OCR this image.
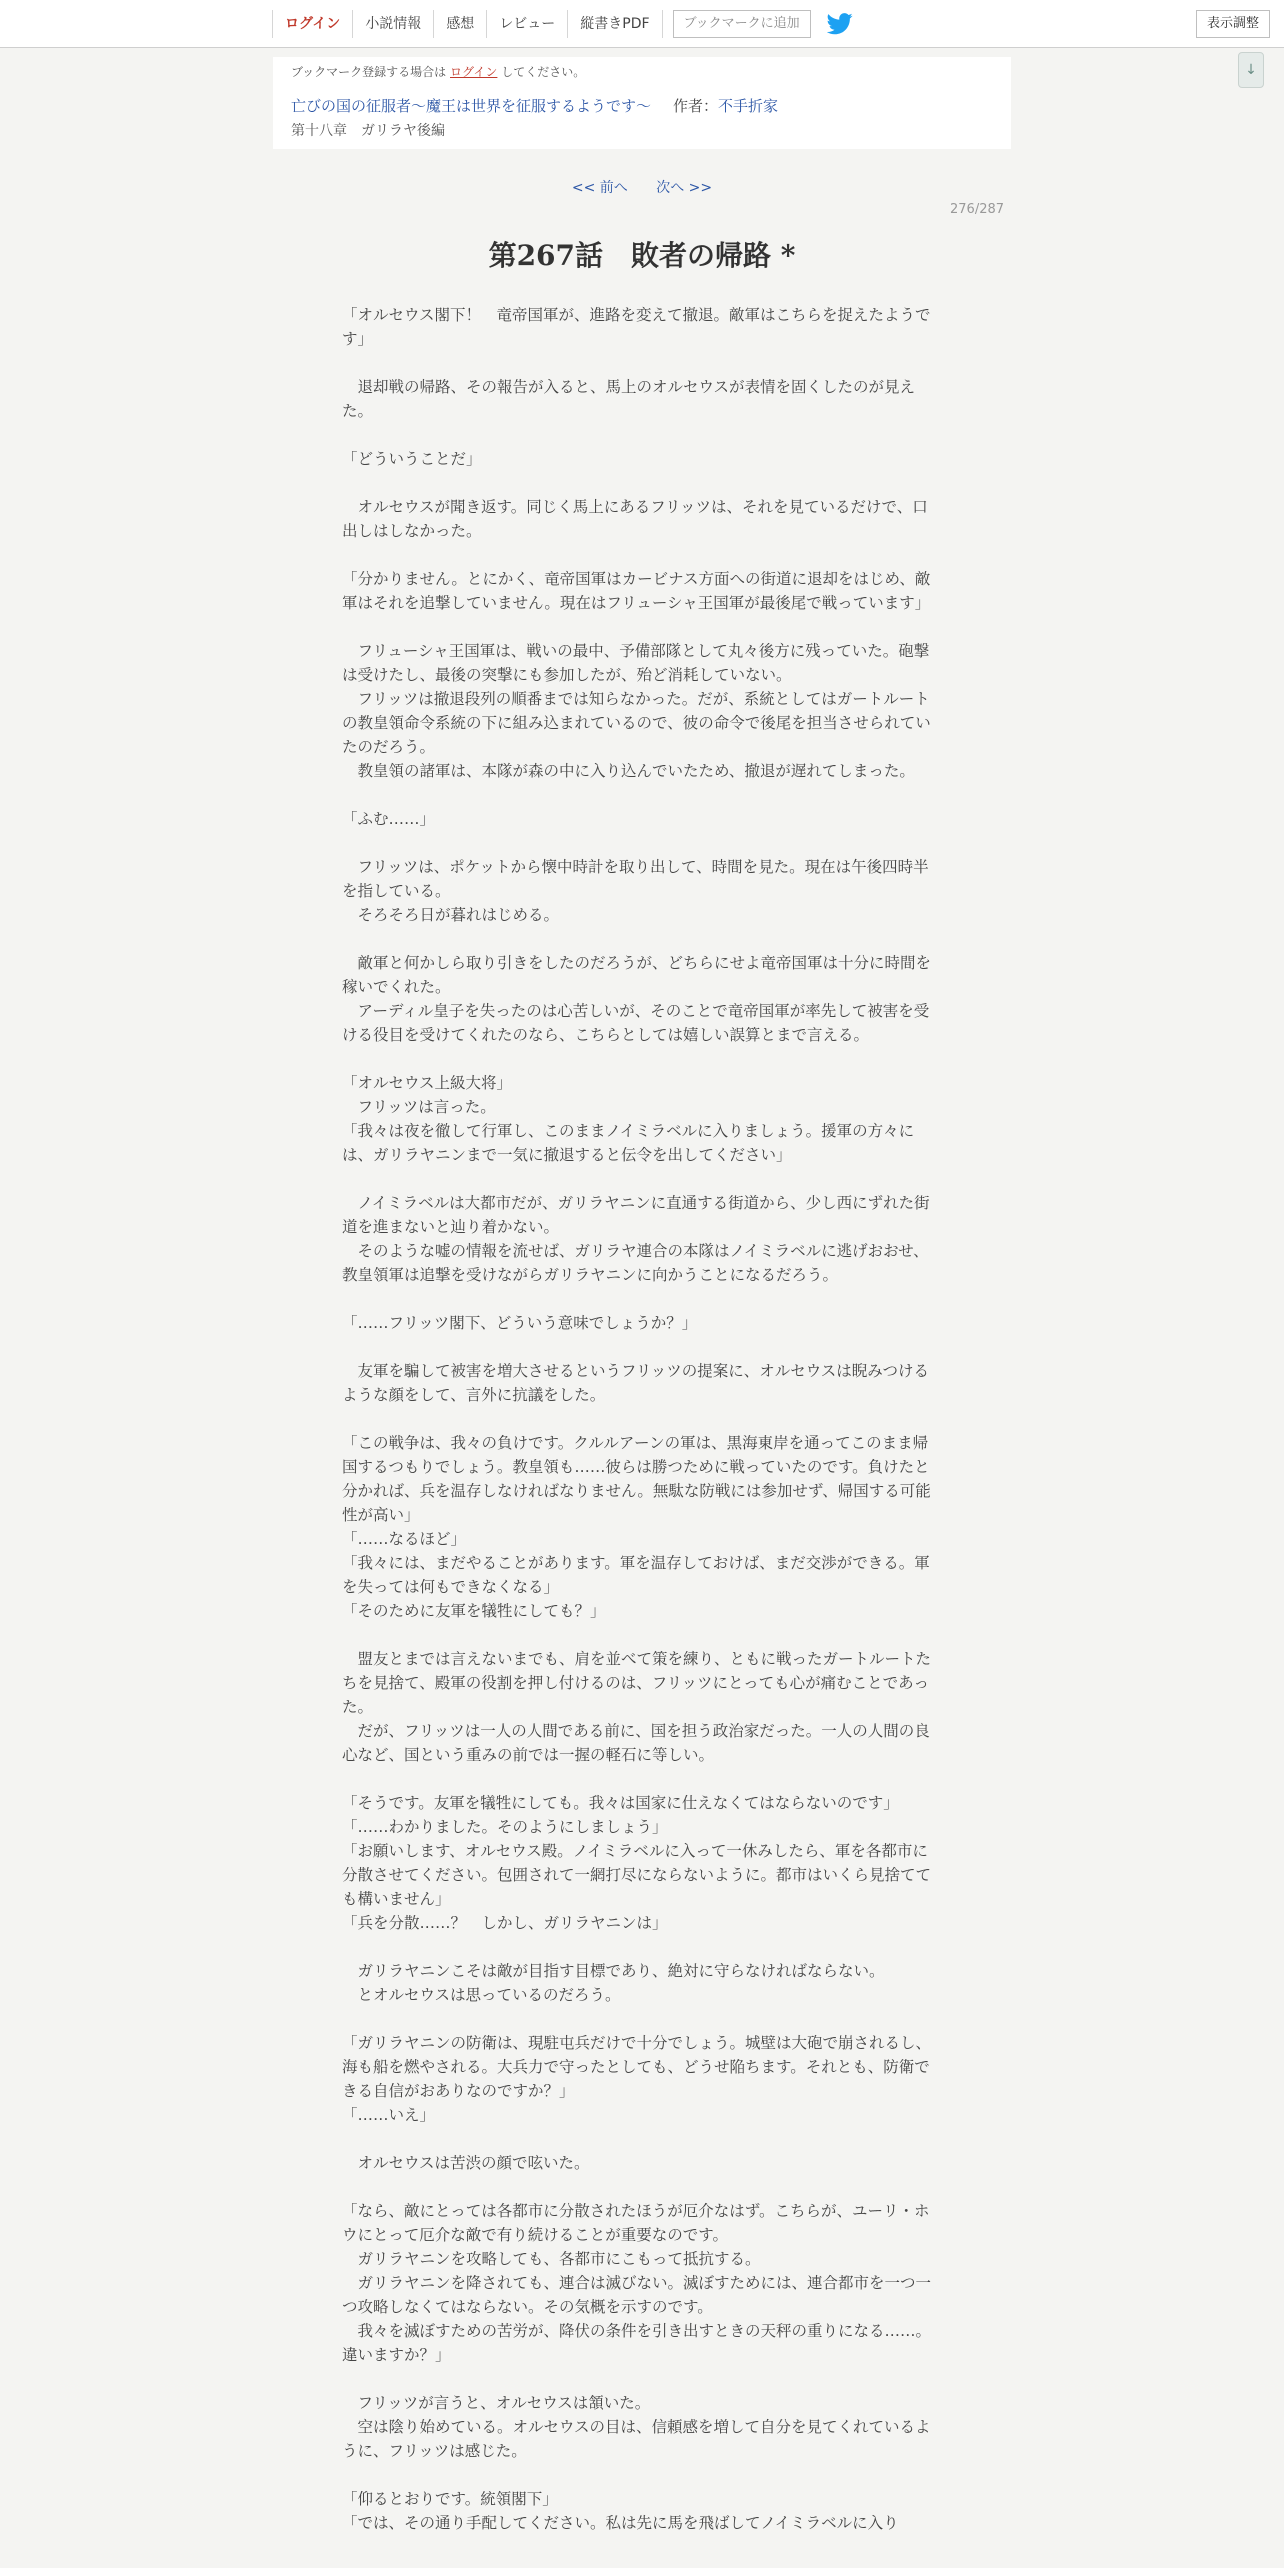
ログイン	小説情報	感想	レビュー	縦書きPDF	ブックマークに追加	表示調整
↓
ブックマーク登録する場合は ログイン してください。
亡びの国の征服者～魔王は世界を征服するようです～ 作者：不手折家
第十八章　ガリラヤ後編
<< 前へ 次へ >>
276/287
第267話　敗者の帰路 *

「オルセウス閣下！　竜帝国軍が、進路を変えて撤退。敵軍はこちらを捉えたようです」

　退却戦の帰路、その報告が入ると、馬上のオルセウスが表情を固くしたのが見えた。

「どういうことだ」

　オルセウスが聞き返す。同じく馬上にあるフリッツは、それを見ているだけで、口出しはしなかった。

「分かりません。とにかく、竜帝国軍はカービナス方面への街道に退却をはじめ、敵軍はそれを追撃していません。現在はフリューシャ王国軍が最後尾で戦っています」

　フリューシャ王国軍は、戦いの最中、予備部隊として丸々後方に残っていた。砲撃は受けたし、最後の突撃にも参加したが、殆ど消耗していない。

　フリッツは撤退段列の順番までは知らなかった。だが、系統としてはガートルートの教皇領命令系統の下に組み込まれているので、彼の命令で後尾を担当させられていたのだろう。

　教皇領の諸軍は、本隊が森の中に入り込んでいたため、撤退が遅れてしまった。

「ふむ……」

　フリッツは、ポケットから懐中時計を取り出して、時間を見た。現在は午後四時半を指している。

　そろそろ日が暮れはじめる。

　敵軍と何かしら取り引きをしたのだろうが、どちらにせよ竜帝国軍は十分に時間を稼いでくれた。

　アーディル皇子を失ったのは心苦しいが、そのことで竜帝国軍が率先して被害を受ける役目を受けてくれたのなら、こちらとしては嬉しい誤算とまで言える。

「オルセウス上級大将」

　フリッツは言った。

「我々は夜を徹して行軍し、このままノイミラベルに入りましょう。援軍の方々には、ガリラヤニンまで一気に撤退すると伝令を出してください」

　ノイミラベルは大都市だが、ガリラヤニンに直通する街道から、少し西にずれた街道を進まないと辿り着かない。

　そのような嘘の情報を流せば、ガリラヤ連合の本隊はノイミラベルに逃げおおせ、教皇領軍は追撃を受けながらガリラヤニンに向かうことになるだろう。

「……フリッツ閣下、どういう意味でしょうか？」

　友軍を騙して被害を増大させるというフリッツの提案に、オルセウスは睨みつけるような顔をして、言外に抗議をした。

「この戦争は、我々の負けです。クルルアーンの軍は、黒海東岸を通ってこのまま帰国するつもりでしょう。教皇領も……彼らは勝つために戦っていたのです。負けたと分かれば、兵を温存しなければなりません。無駄な防戦には参加せず、帰国する可能性が高い」

「……なるほど」

「我々には、まだやることがあります。軍を温存しておけば、まだ交渉ができる。軍を失っては何もできなくなる」

「そのために友軍を犠牲にしても？」

　盟友とまでは言えないまでも、肩を並べて策を練り、ともに戦ったガートルートたちを見捨て、殿軍の役割を押し付けるのは、フリッツにとっても心が痛むことであった。

　だが、フリッツは一人の人間である前に、国を担う政治家だった。一人の人間の良心など、国という重みの前では一握の軽石に等しい。

「そうです。友軍を犠牲にしても。我々は国家に仕えなくてはならないのです」

「……わかりました。そのようにしましょう」

「お願いします、オルセウス殿。ノイミラベルに入って一休みしたら、軍を各都市に分散させてください。包囲されて一網打尽にならないように。都市はいくら見捨てても構いません」

「兵を分散……？　しかし、ガリラヤニンは」

　ガリラヤニンこそは敵が目指す目標であり、絶対に守らなければならない。

　とオルセウスは思っているのだろう。

「ガリラヤニンの防衛は、現駐屯兵だけで十分でしょう。城壁は大砲で崩されるし、海も船を燃やされる。大兵力で守ったとしても、どうせ陥ちます。それとも、防衛できる自信がおありなのですか？」

「……いえ」

　オルセウスは苦渋の顔で呟いた。

「なら、敵にとっては各都市に分散されたほうが厄介なはず。こちらが、ユーリ・ホウにとって厄介な敵で有り続けることが重要なのです。

　ガリラヤニンを攻略しても、各都市にこもって抵抗する。

　ガリラヤニンを降されても、連合は滅びない。滅ぼすためには、連合都市を一つ一つ攻略しなくてはならない。その気概を示すのです。

　我々を滅ぼすための苦労が、降伏の条件を引き出すときの天秤の重りになる……。違いますか？」

　フリッツが言うと、オルセウスは頷いた。

　空は陰り始めている。オルセウスの目は、信頼感を増して自分を見てくれているように、フリッツは感じた。

「仰るとおりです。統領閣下」

「では、その通り手配してください。私は先に馬を飛ばしてノイミラベルに入り
